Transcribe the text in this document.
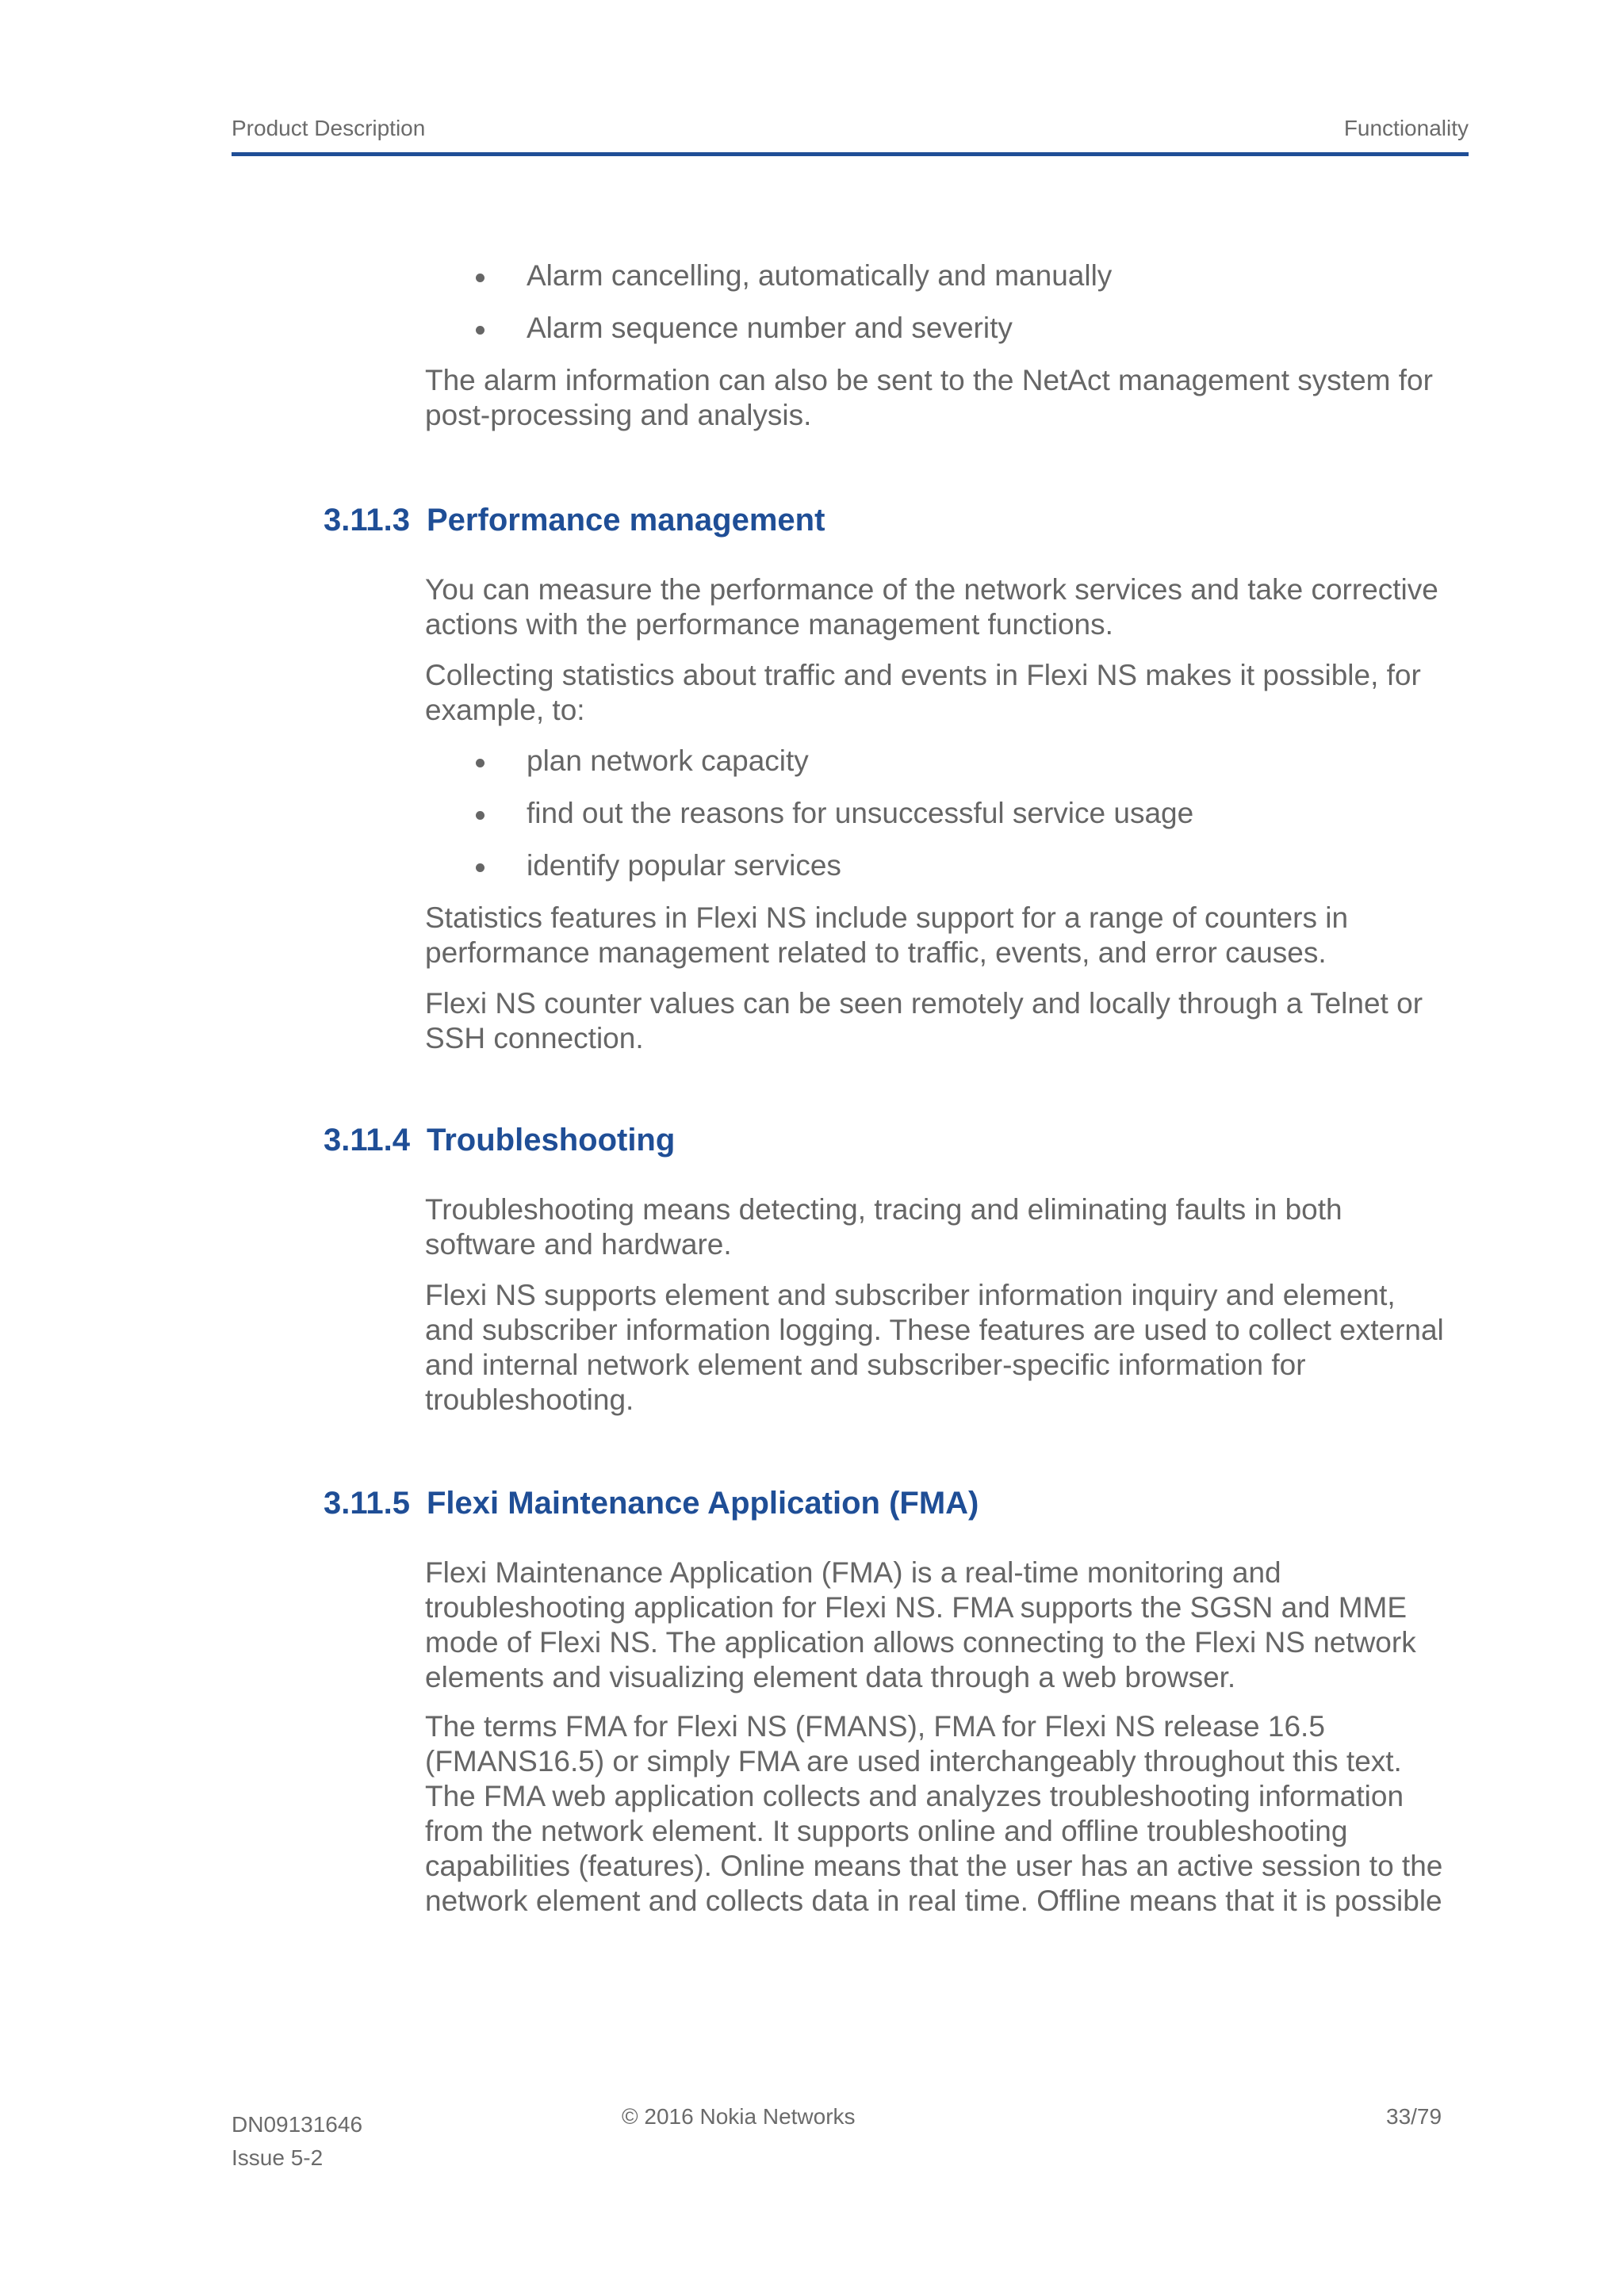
Product Description	Functionality
Alarm cancelling, automatically and manually
Alarm sequence number and severity
The alarm information can also be sent to the NetAct management system for
post-processing and analysis.
3.11.3 Performance management
You can measure the performance of the network services and take corrective
actions with the performance management functions.
Collecting statistics about traffic and events in Flexi NS makes it possible, for
example, to:
plan network capacity
find out the reasons for unsuccessful service usage
identify popular services
Statistics features in Flexi NS include support for a range of counters in
performance management related to traffic, events, and error causes.
Flexi NS counter values can be seen remotely and locally through a Telnet or
SSH connection.
3.11.4 Troubleshooting
Troubleshooting means detecting, tracing and eliminating faults in both
software and hardware.
Flexi NS supports element and subscriber information inquiry and element,
and subscriber information logging. These features are used to collect external
and internal network element and subscriber-specific information for
troubleshooting.
3.11.5 Flexi Maintenance Application (FMA)
Flexi Maintenance Application (FMA) is a real-time monitoring and
troubleshooting application for Flexi NS. FMA supports the SGSN and MME
mode of Flexi NS. The application allows connecting to the Flexi NS network
elements and visualizing element data through a web browser.
The terms FMA for Flexi NS (FMANS), FMA for Flexi NS release 16.5
(FMANS16.5) or simply FMA are used interchangeably throughout this text.
The FMA web application collects and analyzes troubleshooting information
from the network element. It supports online and offline troubleshooting
capabilities (features). Online means that the user has an active session to the
network element and collects data in real time. Offline means that it is possible
DN09131646
Issue 5-2
© 2016 Nokia Networks	33/79
